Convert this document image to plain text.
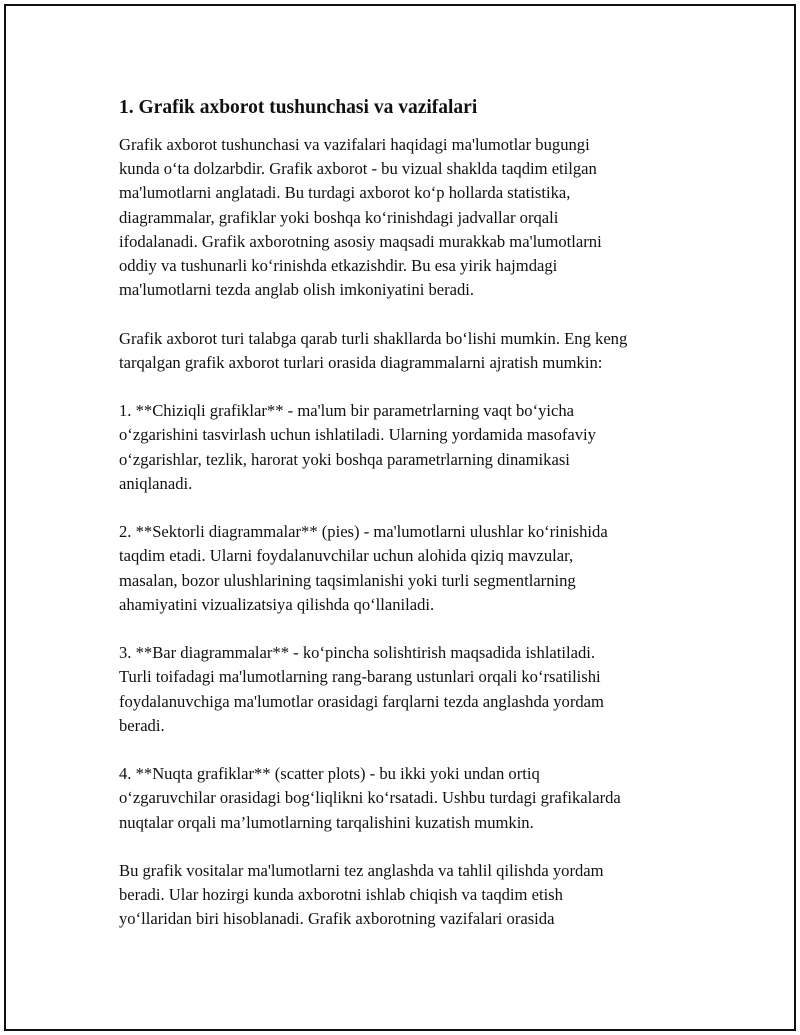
1. Grafik axborot tushunchasi va vazifalari

Grafik axborot tushunchasi va vazifalari haqidagi ma'lumotlar bugungi
kunda o‘ta dolzarbdir. Grafik axborot - bu vizual shaklda taqdim etilgan
ma'lumotlarni anglatadi. Bu turdagi axborot ko‘p hollarda statistika,
diagrammalar, grafiklar yoki boshqa ko‘rinishdagi jadvallar orqali
ifodalanadi. Grafik axborotning asosiy maqsadi murakkab ma'lumotlarni
oddiy va tushunarli ko‘rinishda etkazishdir. Bu esa yirik hajmdagi
ma'lumotlarni tezda anglab olish imkoniyatini beradi.

Grafik axborot turi talabga qarab turli shakllarda bo‘lishi mumkin. Eng keng
tarqalgan grafik axborot turlari orasida diagrammalarni ajratish mumkin:

1. **Chiziqli grafiklar** - ma'lum bir parametrlarning vaqt bo‘yicha
o‘zgarishini tasvirlash uchun ishlatiladi. Ularning yordamida masofaviy
o‘zgarishlar, tezlik, harorat yoki boshqa parametrlarning dinamikasi
aniqlanadi.

2. **Sektorli diagrammalar** (pies) - ma'lumotlarni ulushlar ko‘rinishida
taqdim etadi. Ularni foydalanuvchilar uchun alohida qiziq mavzular,
masalan, bozor ulushlarining taqsimlanishi yoki turli segmentlarning
ahamiyatini vizualizatsiya qilishda qo‘llaniladi.

3. **Bar diagrammalar** - ko‘pincha solishtirish maqsadida ishlatiladi.
Turli toifadagi ma'lumotlarning rang-barang ustunlari orqali ko‘rsatilishi
foydalanuvchiga ma'lumotlar orasidagi farqlarni tezda anglashda yordam
beradi.

4. **Nuqta grafiklar** (scatter plots) - bu ikki yoki undan ortiq
o‘zgaruvchilar orasidagi bog‘liqlikni ko‘rsatadi. Ushbu turdagi grafikalarda
nuqtalar orqali ma’lumotlarning tarqalishini kuzatish mumkin.

Bu grafik vositalar ma'lumotlarni tez anglashda va tahlil qilishda yordam
beradi. Ular hozirgi kunda axborotni ishlab chiqish va taqdim etish
yo‘llaridan biri hisoblanadi. Grafik axborotning vazifalari orasida
